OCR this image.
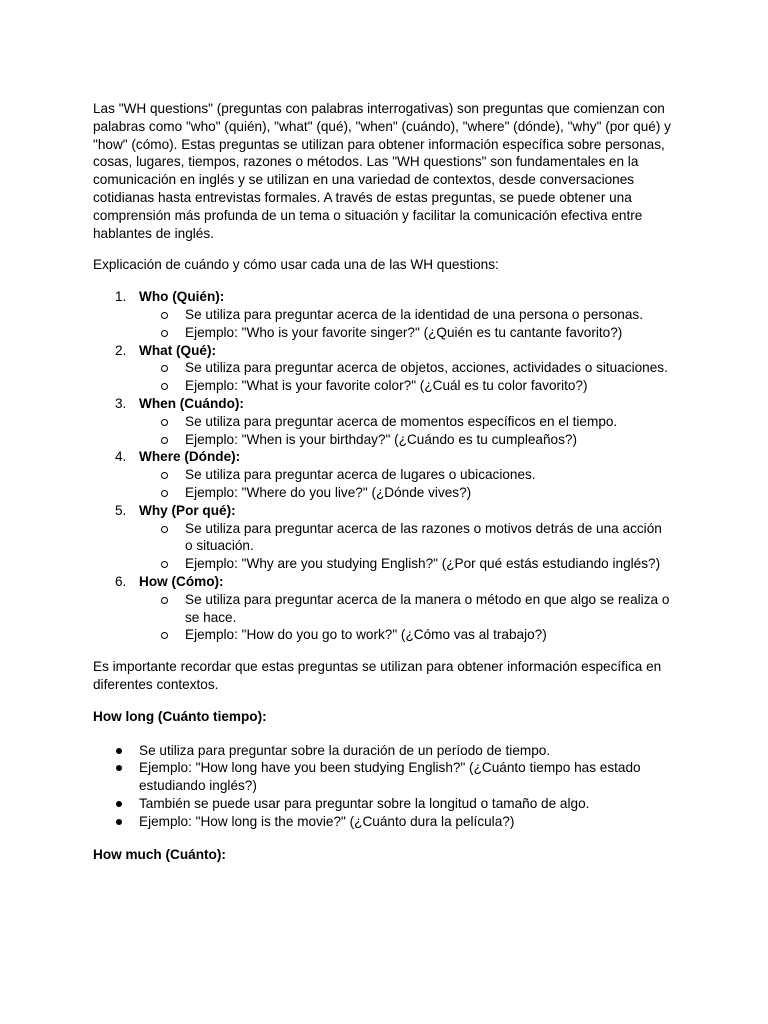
Las "WH questions" (preguntas con palabras interrogativas) son preguntas que comienzan con palabras como "who" (quién), "what" (qué), "when" (cuándo), "where" (dónde), "why" (por qué) y "how" (cómo). Estas preguntas se utilizan para obtener información específica sobre personas, cosas, lugares, tiempos, razones o métodos. Las "WH questions" son fundamentales en la comunicación en inglés y se utilizan en una variedad de contextos, desde conversaciones cotidianas hasta entrevistas formales. A través de estas preguntas, se puede obtener una comprensión más profunda de un tema o situación y facilitar la comunicación efectiva entre hablantes de inglés.

Explicación de cuándo y cómo usar cada una de las WH questions:

1. Who (Quién):
Se utiliza para preguntar acerca de la identidad de una persona o personas.
Ejemplo: "Who is your favorite singer?" (¿Quién es tu cantante favorito?)
2. What (Qué):
Se utiliza para preguntar acerca de objetos, acciones, actividades o situaciones.
Ejemplo: "What is your favorite color?" (¿Cuál es tu color favorito?)
3. When (Cuándo):
Se utiliza para preguntar acerca de momentos específicos en el tiempo.
Ejemplo: "When is your birthday?" (¿Cuándo es tu cumpleaños?)
4. Where (Dónde):
Se utiliza para preguntar acerca de lugares o ubicaciones.
Ejemplo: "Where do you live?" (¿Dónde vives?)
5. Why (Por qué):
Se utiliza para preguntar acerca de las razones o motivos detrás de una acción o situación.
Ejemplo: "Why are you studying English?" (¿Por qué estás estudiando inglés?)
6. How (Cómo):
Se utiliza para preguntar acerca de la manera o método en que algo se realiza o se hace.
Ejemplo: "How do you go to work?" (¿Cómo vas al trabajo?)

Es importante recordar que estas preguntas se utilizan para obtener información específica en diferentes contextos.

How long (Cuánto tiempo):

Se utiliza para preguntar sobre la duración de un período de tiempo.
Ejemplo: "How long have you been studying English?" (¿Cuánto tiempo has estado estudiando inglés?)
También se puede usar para preguntar sobre la longitud o tamaño de algo.
Ejemplo: "How long is the movie?" (¿Cuánto dura la película?)

How much (Cuánto):
